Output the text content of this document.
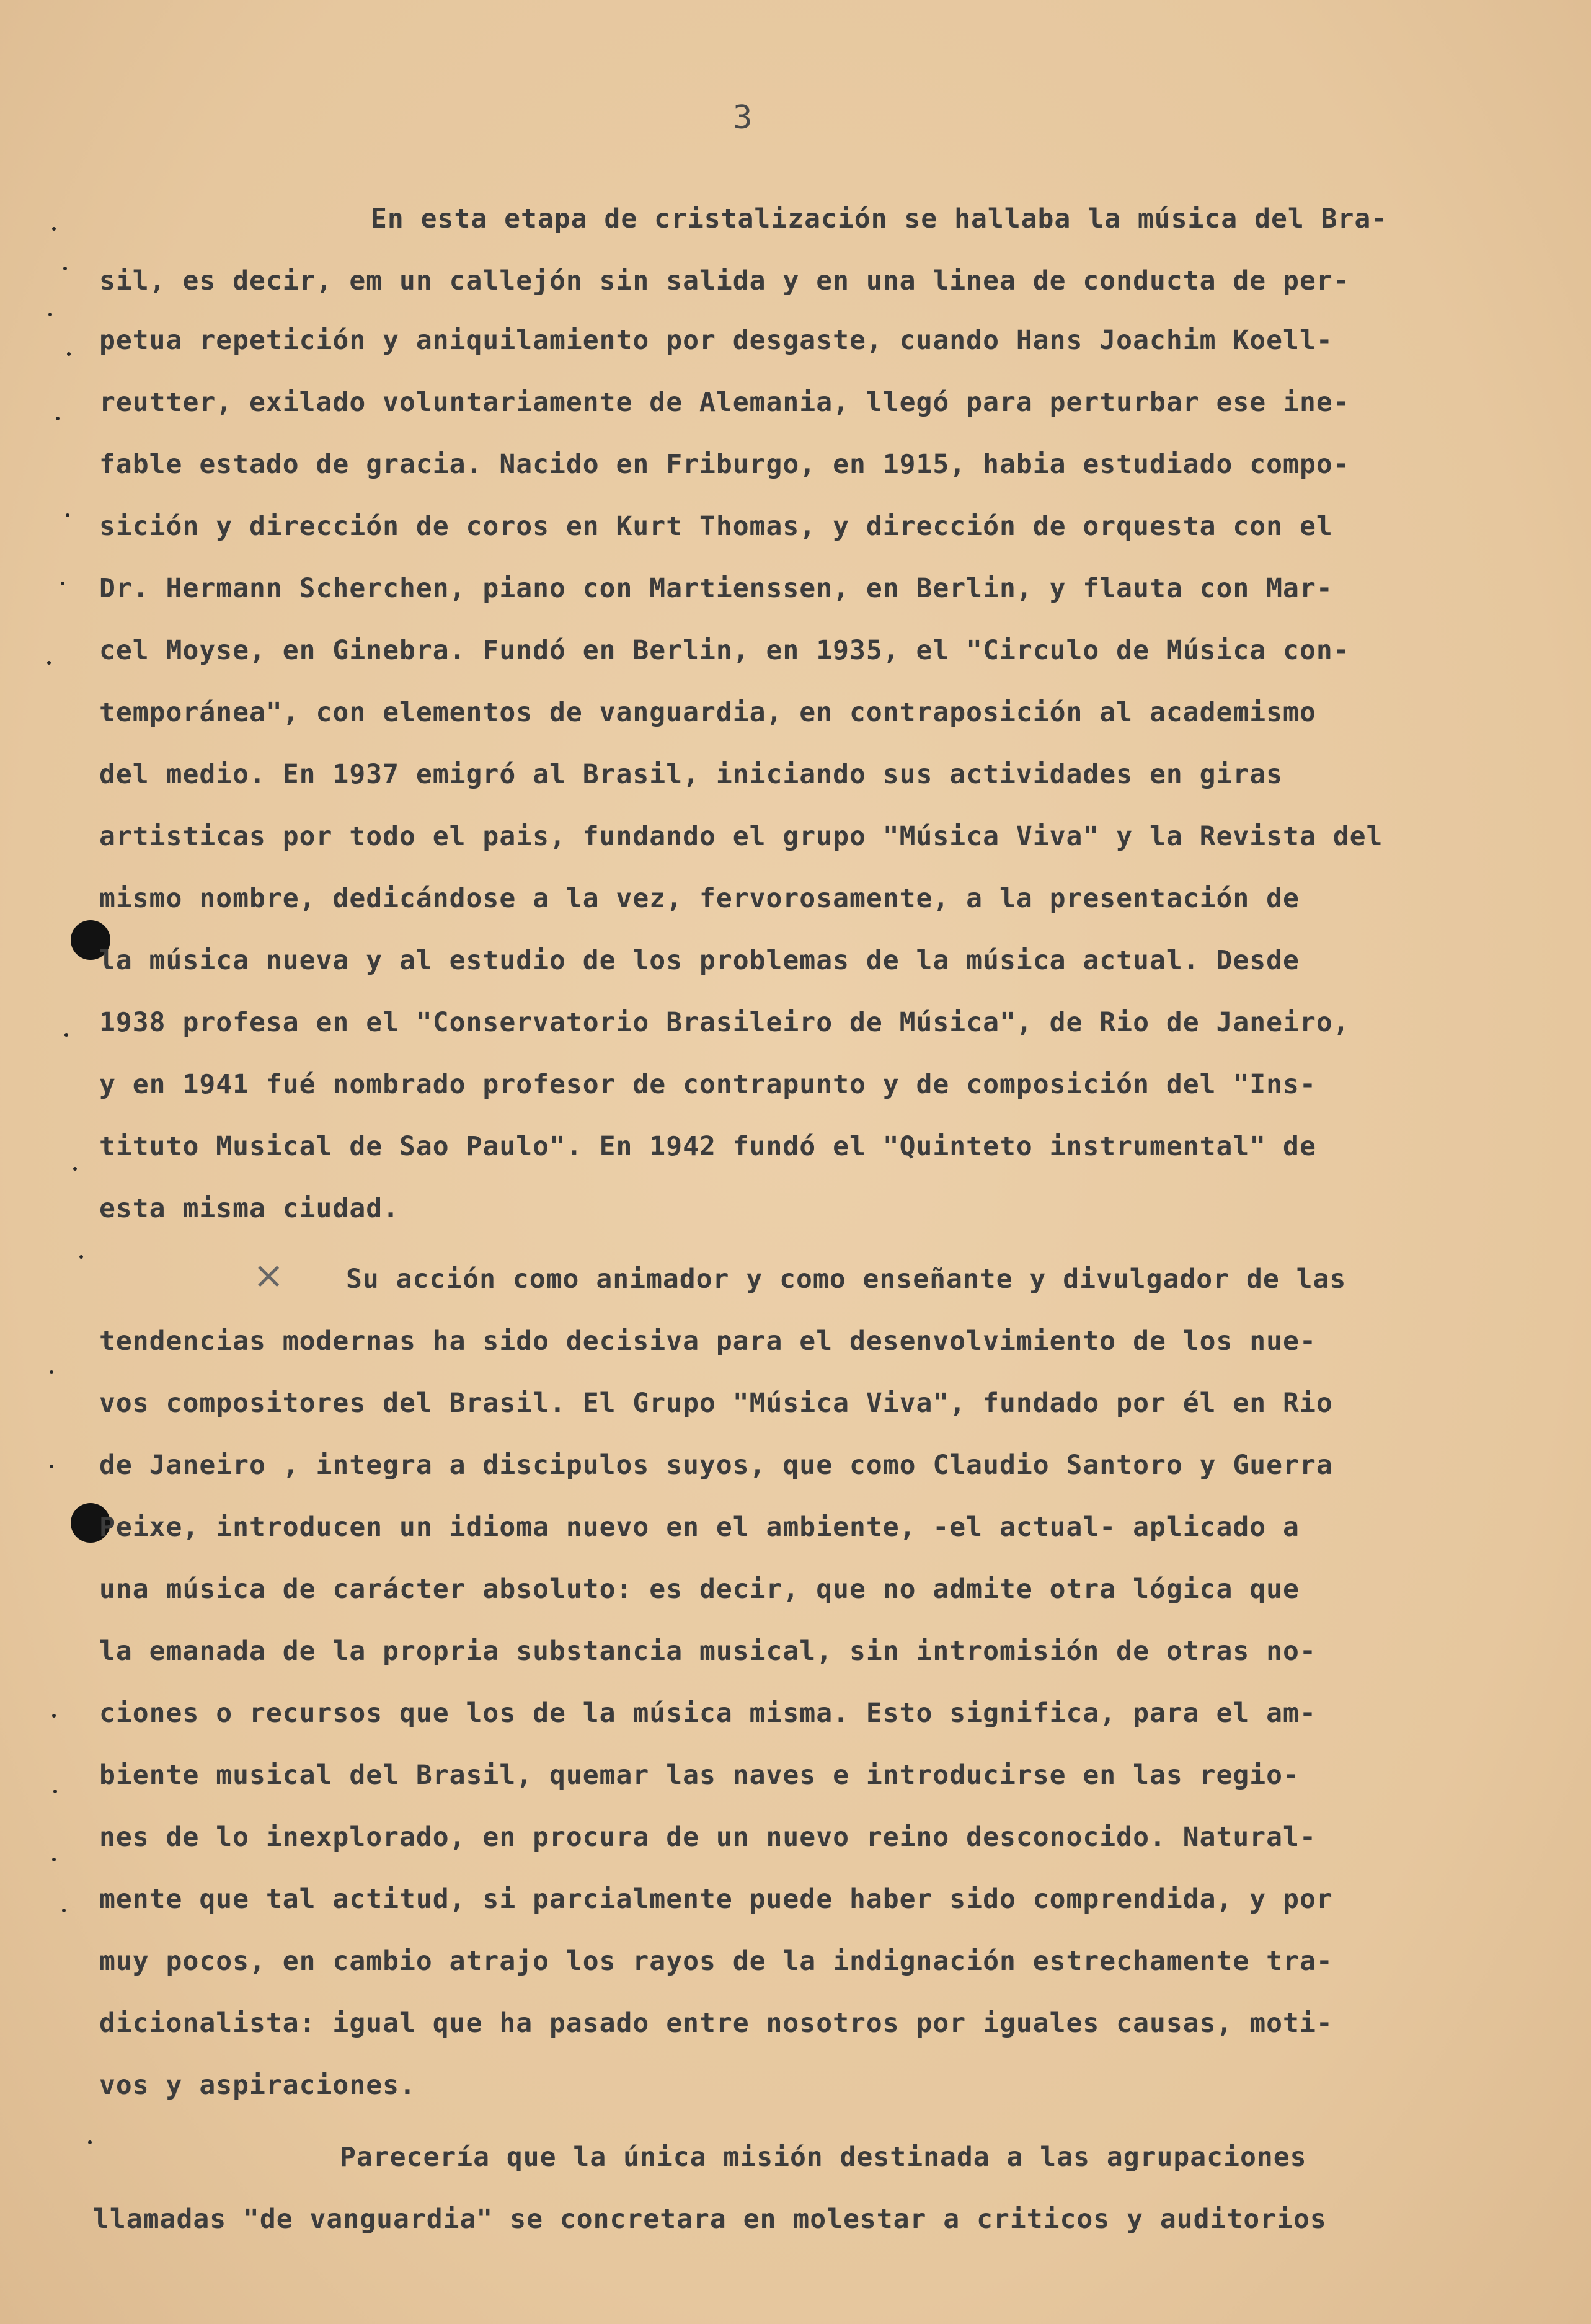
3
×
En esta etapa de cristalización se hallaba la música del Bra-
sil, es decir, em un callejón sin salida y en una linea de conducta de per-
petua repetición y aniquilamiento por desgaste, cuando Hans Joachim Koell-
reutter, exilado voluntariamente de Alemania, llegó para perturbar ese ine-
fable estado de gracia. Nacido en Friburgo, en 1915, habia estudiado compo-
sición y dirección de coros en Kurt Thomas, y dirección de orquesta con el
Dr. Hermann Scherchen, piano con Martienssen, en Berlin, y flauta con Mar-
cel Moyse, en Ginebra. Fundó en Berlin, en 1935, el "Circulo de Música con-
temporánea", con elementos de vanguardia, en contraposición al academismo
del medio. En 1937 emigró al Brasil, iniciando sus actividades en giras
artisticas por todo el pais, fundando el grupo "Música Viva" y la Revista del
mismo nombre, dedicándose a la vez, fervorosamente, a la presentación de
la música nueva y al estudio de los problemas de la música actual. Desde
1938 profesa en el "Conservatorio Brasileiro de Música", de Rio de Janeiro,
y en 1941 fué nombrado profesor de contrapunto y de composición del "Ins-
tituto Musical de Sao Paulo". En 1942 fundó el "Quinteto instrumental" de
esta misma ciudad.
Su acción como animador y como enseñante y divulgador de las
tendencias modernas ha sido decisiva para el desenvolvimiento de los nue-
vos compositores del Brasil. El Grupo "Música Viva", fundado por él en Rio
de Janeiro , integra a discipulos suyos, que como Claudio Santoro y Guerra
Peixe, introducen un idioma nuevo en el ambiente, -el actual- aplicado a
una música de carácter absoluto: es decir, que no admite otra lógica que
la emanada de la propria substancia musical, sin intromisión de otras no-
ciones o recursos que los de la música misma. Esto significa, para el am-
biente musical del Brasil, quemar las naves e introducirse en las regio-
nes de lo inexplorado, en procura de un nuevo reino desconocido. Natural-
mente que tal actitud, si parcialmente puede haber sido comprendida, y por
muy pocos, en cambio atrajo los rayos de la indignación estrechamente tra-
dicionalista: igual que ha pasado entre nosotros por iguales causas, moti-
vos y aspiraciones.
Parecería que la única misión destinada a las agrupaciones
llamadas "de vanguardia" se concretara en molestar a criticos y auditorios
